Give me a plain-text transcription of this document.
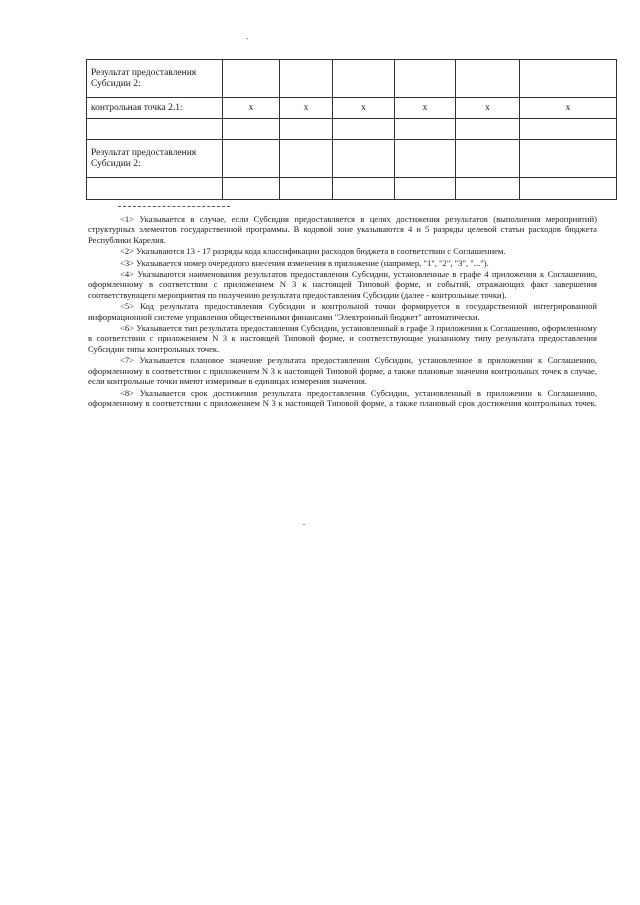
Результат предоставления Субсидии 2:						
контрольная точка 2.1:	x	x	x	x	x	x

Результат предоставления Субсидии 2:						

<1> Указывается в случае, если Субсидия предоставляется в целях достижения результатов (выполнения мероприятий) структурных элементов государственной программы. В кодовой зоне указываются 4 и 5 разряды целевой статьи расходов бюджета Республики Карелия.

<2> Указываются 13 - 17 разряды кода классификации расходов бюджета в соответствии с Соглашением.

<3> Указывается номер очередного внесения изменения в приложение (например, "1", "2", "3", "...").

<4> Указываются наименования результатов предоставления Субсидии, установленные в графе 4 приложения к Соглашению, оформленному в соответствии с приложением N 3 к настоящей Типовой форме, и событий, отражающих факт завершения соответствующего мероприятия по получению результата предоставления Субсидии (далее - контрольные точки).

<5> Код результата предоставления Субсидии и контрольной точки формируется в государственной интегрированной информационной системе управления общественными финансами "Электронный бюджет" автоматически.

<6> Указывается тип результата предоставления Субсидии, установленный в графе 3 приложения к Соглашению, оформленному в соответствии с приложением N 3 к настоящей Типовой форме, и соответствующие указанному типу результата предоставления Субсидии типы контрольных точек.

<7> Указывается плановое значение результата предоставления Субсидии, установленное в приложении к Соглашению, оформленному в соответствии с приложением N 3 к настоящей Типовой форме, а также плановые значения контрольных точек в случае, если контрольные точки имеют измеримые в единицах измерения значения.

<8> Указывается срок достижения результата предоставления Субсидии, установленный в приложении к Соглашению, оформленному в соответствии с приложением N 3 к настоящей Типовой форме, а также плановый срок достижения контрольных точек.
